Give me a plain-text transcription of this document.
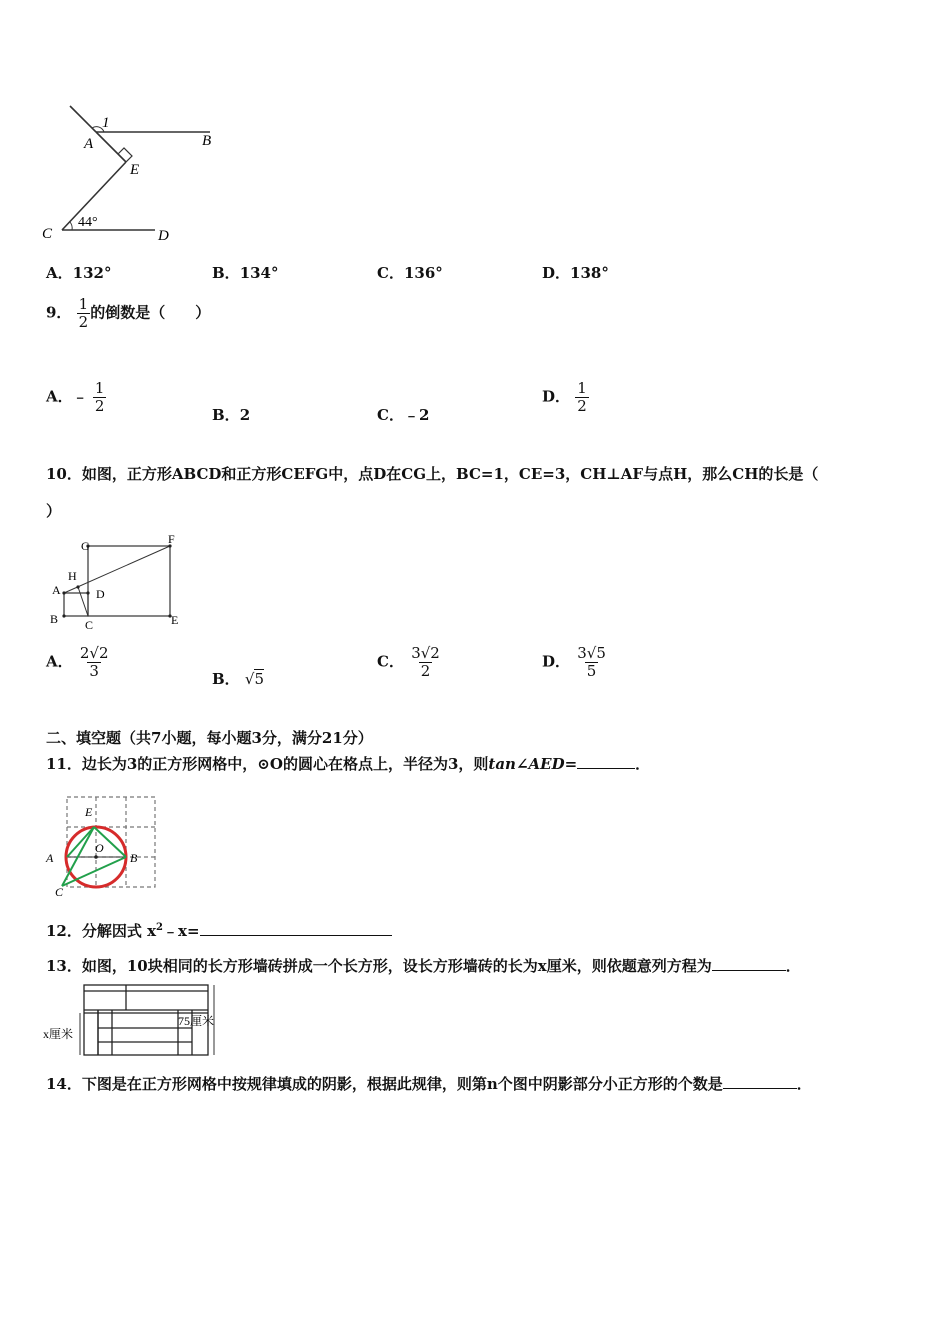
1
A	B
E
C	D
44°
A．132°	B．134°	C．136°	D．138°
9． $\frac{1}{2}$ 的倒数是（　　）
A．﹣ $\frac{1}{2}$	B．2	C．﹣2
D． $\frac{1}{2}$
10．如图，正方形ABCD和正方形CEFG中，点D在CG上，BC=1，CE=3，CH⊥AF与点H，那么CH的长是（
）
G	F
H
A	D
B C	E
A． $\frac{2√2}{3}$	B． √5
C． $\frac{3√2}{2}$	D． $\frac{3√5}{5}$
二、填空题（共7小题，每小题3分，满分21分）
11．边长为3的正方形网格中，⊙O的圆心在格点上，半径为3，则tan∠AED=	．
E
O
A	B
C
12．分解因式 $x^2﹣x=$
13．如图，10块相同的长方形墙砖拼成一个长方形，设长方形墙砖的长为x厘米，则依题意列方程为	．
x厘米
75厘米
14．下图是在正方形网格中按规律填成的阴影，根据此规律，则第n个图中阴影部分小正方形的个数是	．
